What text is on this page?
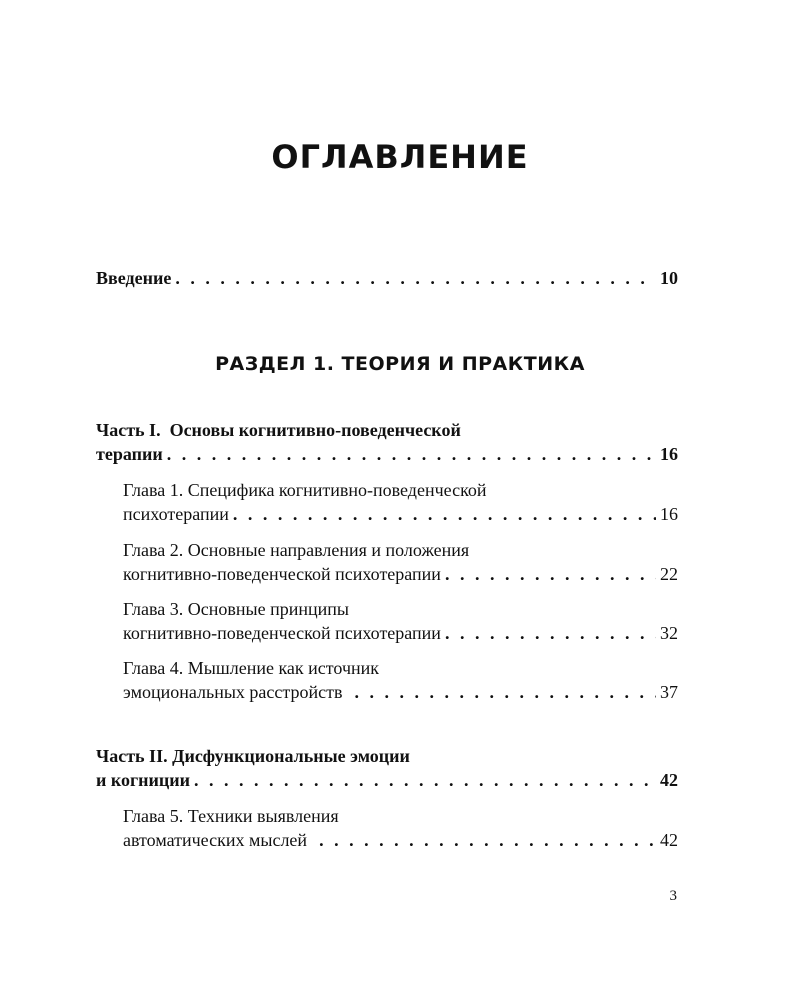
ОГЛАВЛЕНИЕ
Введение . . .	10
РАЗДЕЛ 1. ТЕОРИЯ И ПРАКТИКА
Часть I.  Основы когнитивно-поведенческой
терапии . . .	16
Глава 1. Специфика когнитивно-поведенческой
психотерапии . . .	16
Глава 2. Основные направления и положения
когнитивно-поведенческой психотерапии . . .	22
Глава 3. Основные принципы
когнитивно-поведенческой психотерапии . . .	32
Глава 4. Мышление как источник
эмоциональных расстройств . . .	37
Часть II. Дисфункциональные эмоции
и когниции . . .	42
Глава 5. Техники выявления
автоматических мыслей . . .	42
3
